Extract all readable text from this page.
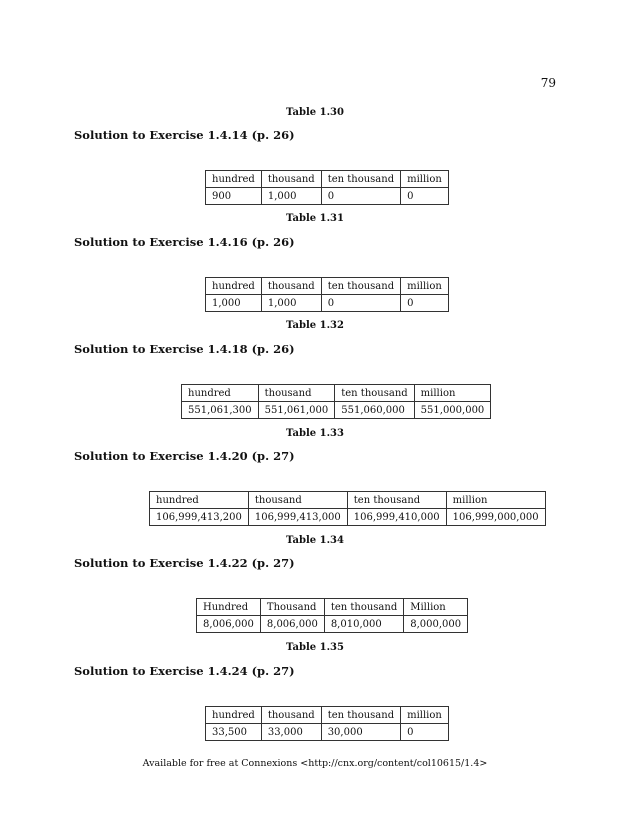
79
Table 1.30
Solution to Exercise 1.4.14 (p. 26)
hundred	thousand	ten thousand	million
900	1,000	0	0
Table 1.31
Solution to Exercise 1.4.16 (p. 26)
hundred	thousand	ten thousand	million
1,000	1,000	0	0
Table 1.32
Solution to Exercise 1.4.18 (p. 26)
hundred	thousand	ten thousand	million
551,061,300	551,061,000	551,060,000	551,000,000
Table 1.33
Solution to Exercise 1.4.20 (p. 27)
hundred	thousand	ten thousand	million
106,999,413,200	106,999,413,000	106,999,410,000	106,999,000,000
Table 1.34
Solution to Exercise 1.4.22 (p. 27)
Hundred	Thousand	ten thousand	Million
8,006,000	8,006,000	8,010,000	8,000,000
Table 1.35
Solution to Exercise 1.4.24 (p. 27)
hundred	thousand	ten thousand	million
33,500	33,000	30,000	0
Available for free at Connexions <http://cnx.org/content/col10615/1.4>
